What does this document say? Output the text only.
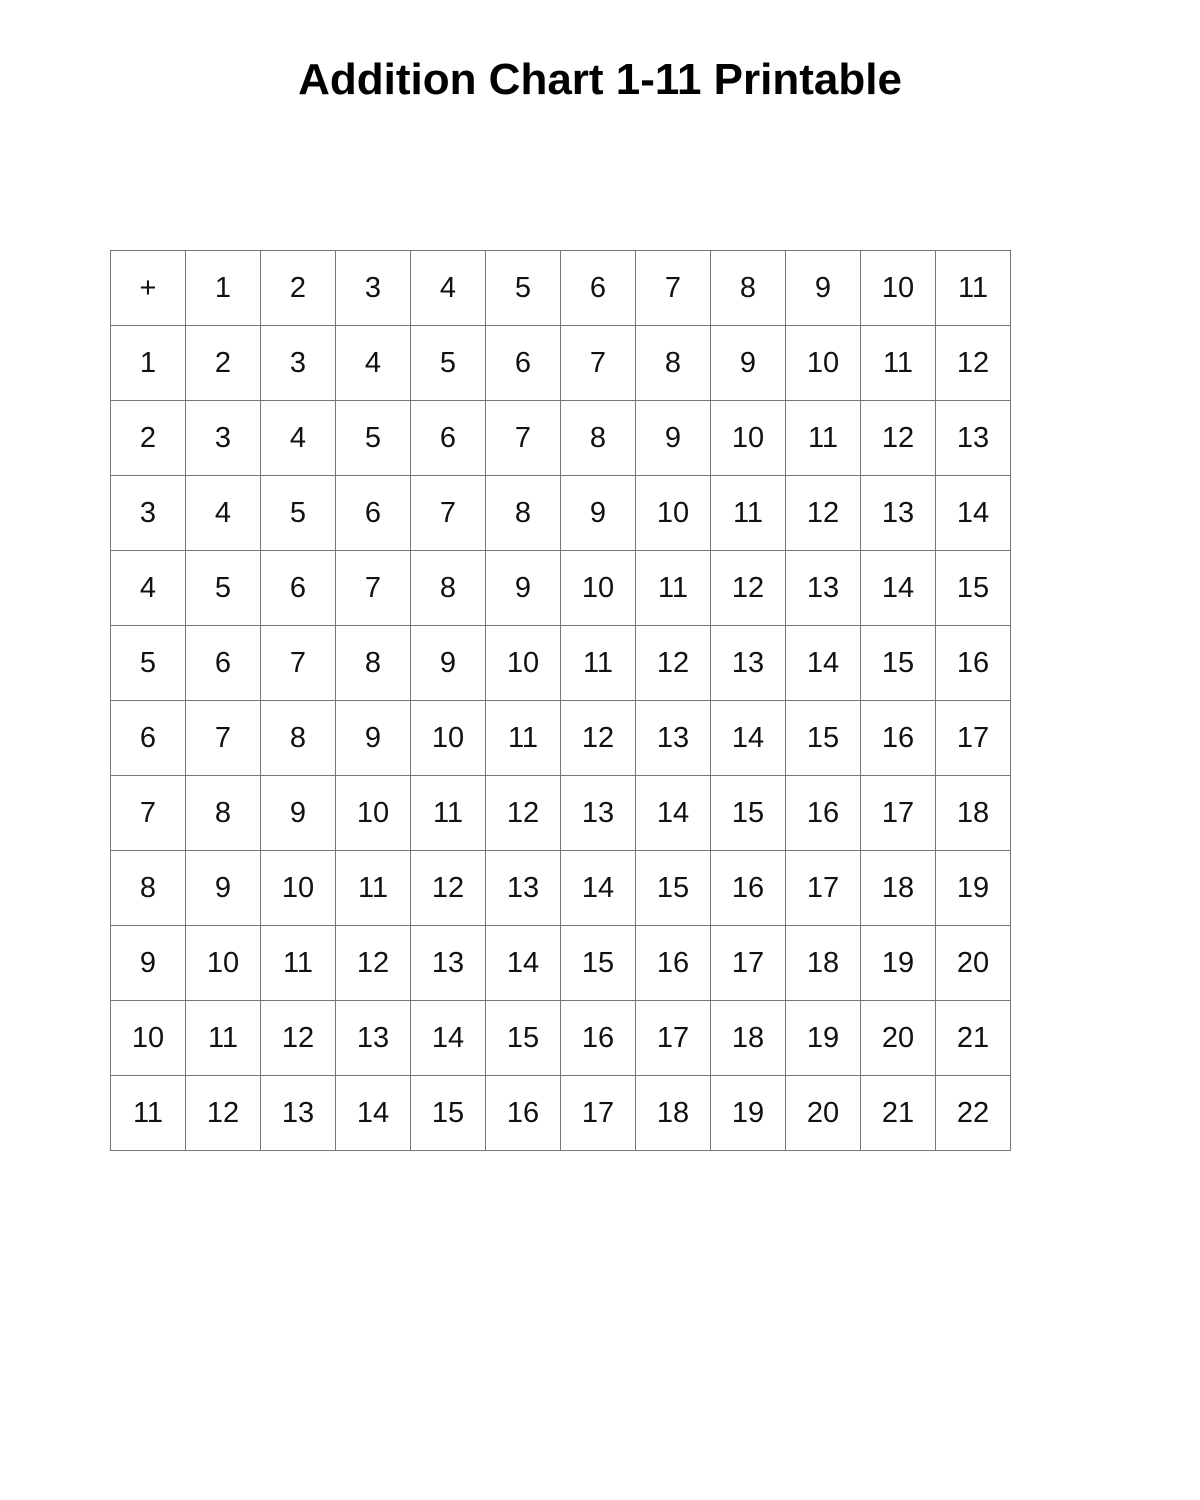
Addition Chart 1-11 Printable
+	1	2	3	4	5	6	7	8	9	10	11
1	2	3	4	5	6	7	8	9	10	11	12
2	3	4	5	6	7	8	9	10	11	12	13
3	4	5	6	7	8	9	10	11	12	13	14
4	5	6	7	8	9	10	11	12	13	14	15
5	6	7	8	9	10	11	12	13	14	15	16
6	7	8	9	10	11	12	13	14	15	16	17
7	8	9	10	11	12	13	14	15	16	17	18
8	9	10	11	12	13	14	15	16	17	18	19
9	10	11	12	13	14	15	16	17	18	19	20
10	11	12	13	14	15	16	17	18	19	20	21
11	12	13	14	15	16	17	18	19	20	21	22
